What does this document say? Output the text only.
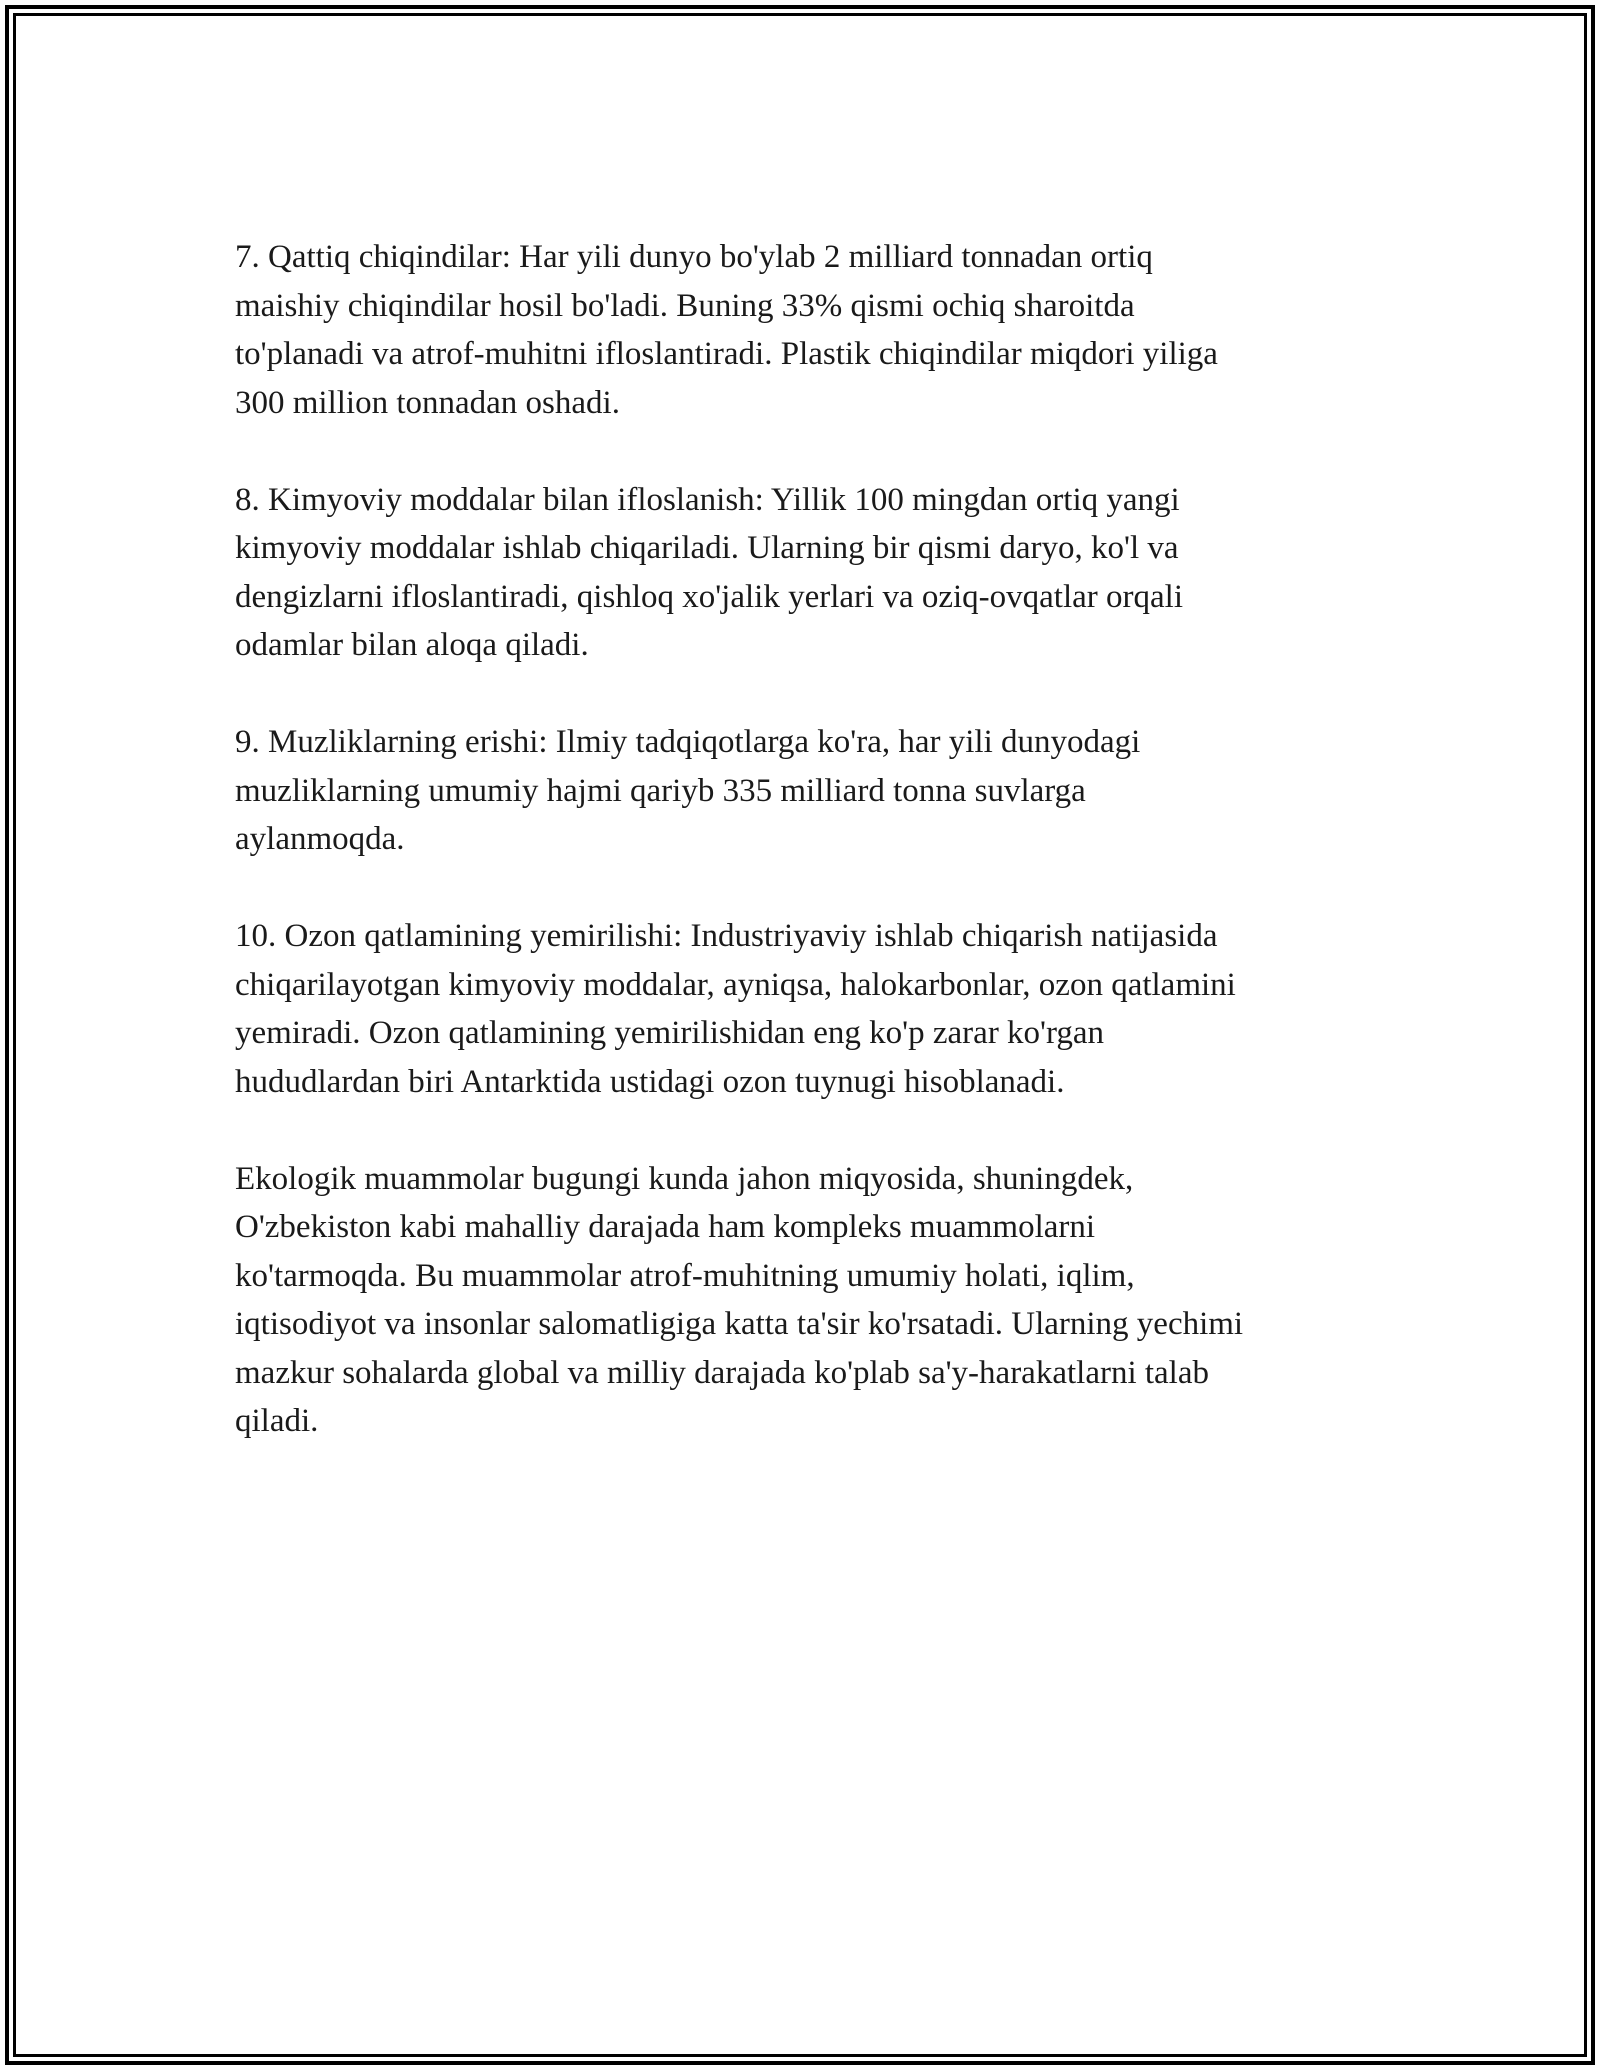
7. Qattiq chiqindilar: Har yili dunyo bo'ylab 2 milliard tonnadan ortiq
maishiy chiqindilar hosil bo'ladi. Buning 33% qismi ochiq sharoitda
to'planadi va atrof-muhitni ifloslantiradi. Plastik chiqindilar miqdori yiliga
300 million tonnadan oshadi.

8. Kimyoviy moddalar bilan ifloslanish: Yillik 100 mingdan ortiq yangi
kimyoviy moddalar ishlab chiqariladi. Ularning bir qismi daryo, ko'l va
dengizlarni ifloslantiradi, qishloq xo'jalik yerlari va oziq-ovqatlar orqali
odamlar bilan aloqa qiladi.

9. Muzliklarning erishi: Ilmiy tadqiqotlarga ko'ra, har yili dunyodagi
muzliklarning umumiy hajmi qariyb 335 milliard tonna suvlarga
aylanmoqda.

10. Ozon qatlamining yemirilishi: Industriyaviy ishlab chiqarish natijasida
chiqarilayotgan kimyoviy moddalar, ayniqsa, halokarbonlar, ozon qatlamini
yemiradi. Ozon qatlamining yemirilishidan eng ko'p zarar ko'rgan
hududlardan biri Antarktida ustidagi ozon tuynugi hisoblanadi.

Ekologik muammolar bugungi kunda jahon miqyosida, shuningdek,
O'zbekiston kabi mahalliy darajada ham kompleks muammolarni
ko'tarmoqda. Bu muammolar atrof-muhitning umumiy holati, iqlim,
iqtisodiyot va insonlar salomatligiga katta ta'sir ko'rsatadi. Ularning yechimi
mazkur sohalarda global va milliy darajada ko'plab sa'y-harakatlarni talab
qiladi.
